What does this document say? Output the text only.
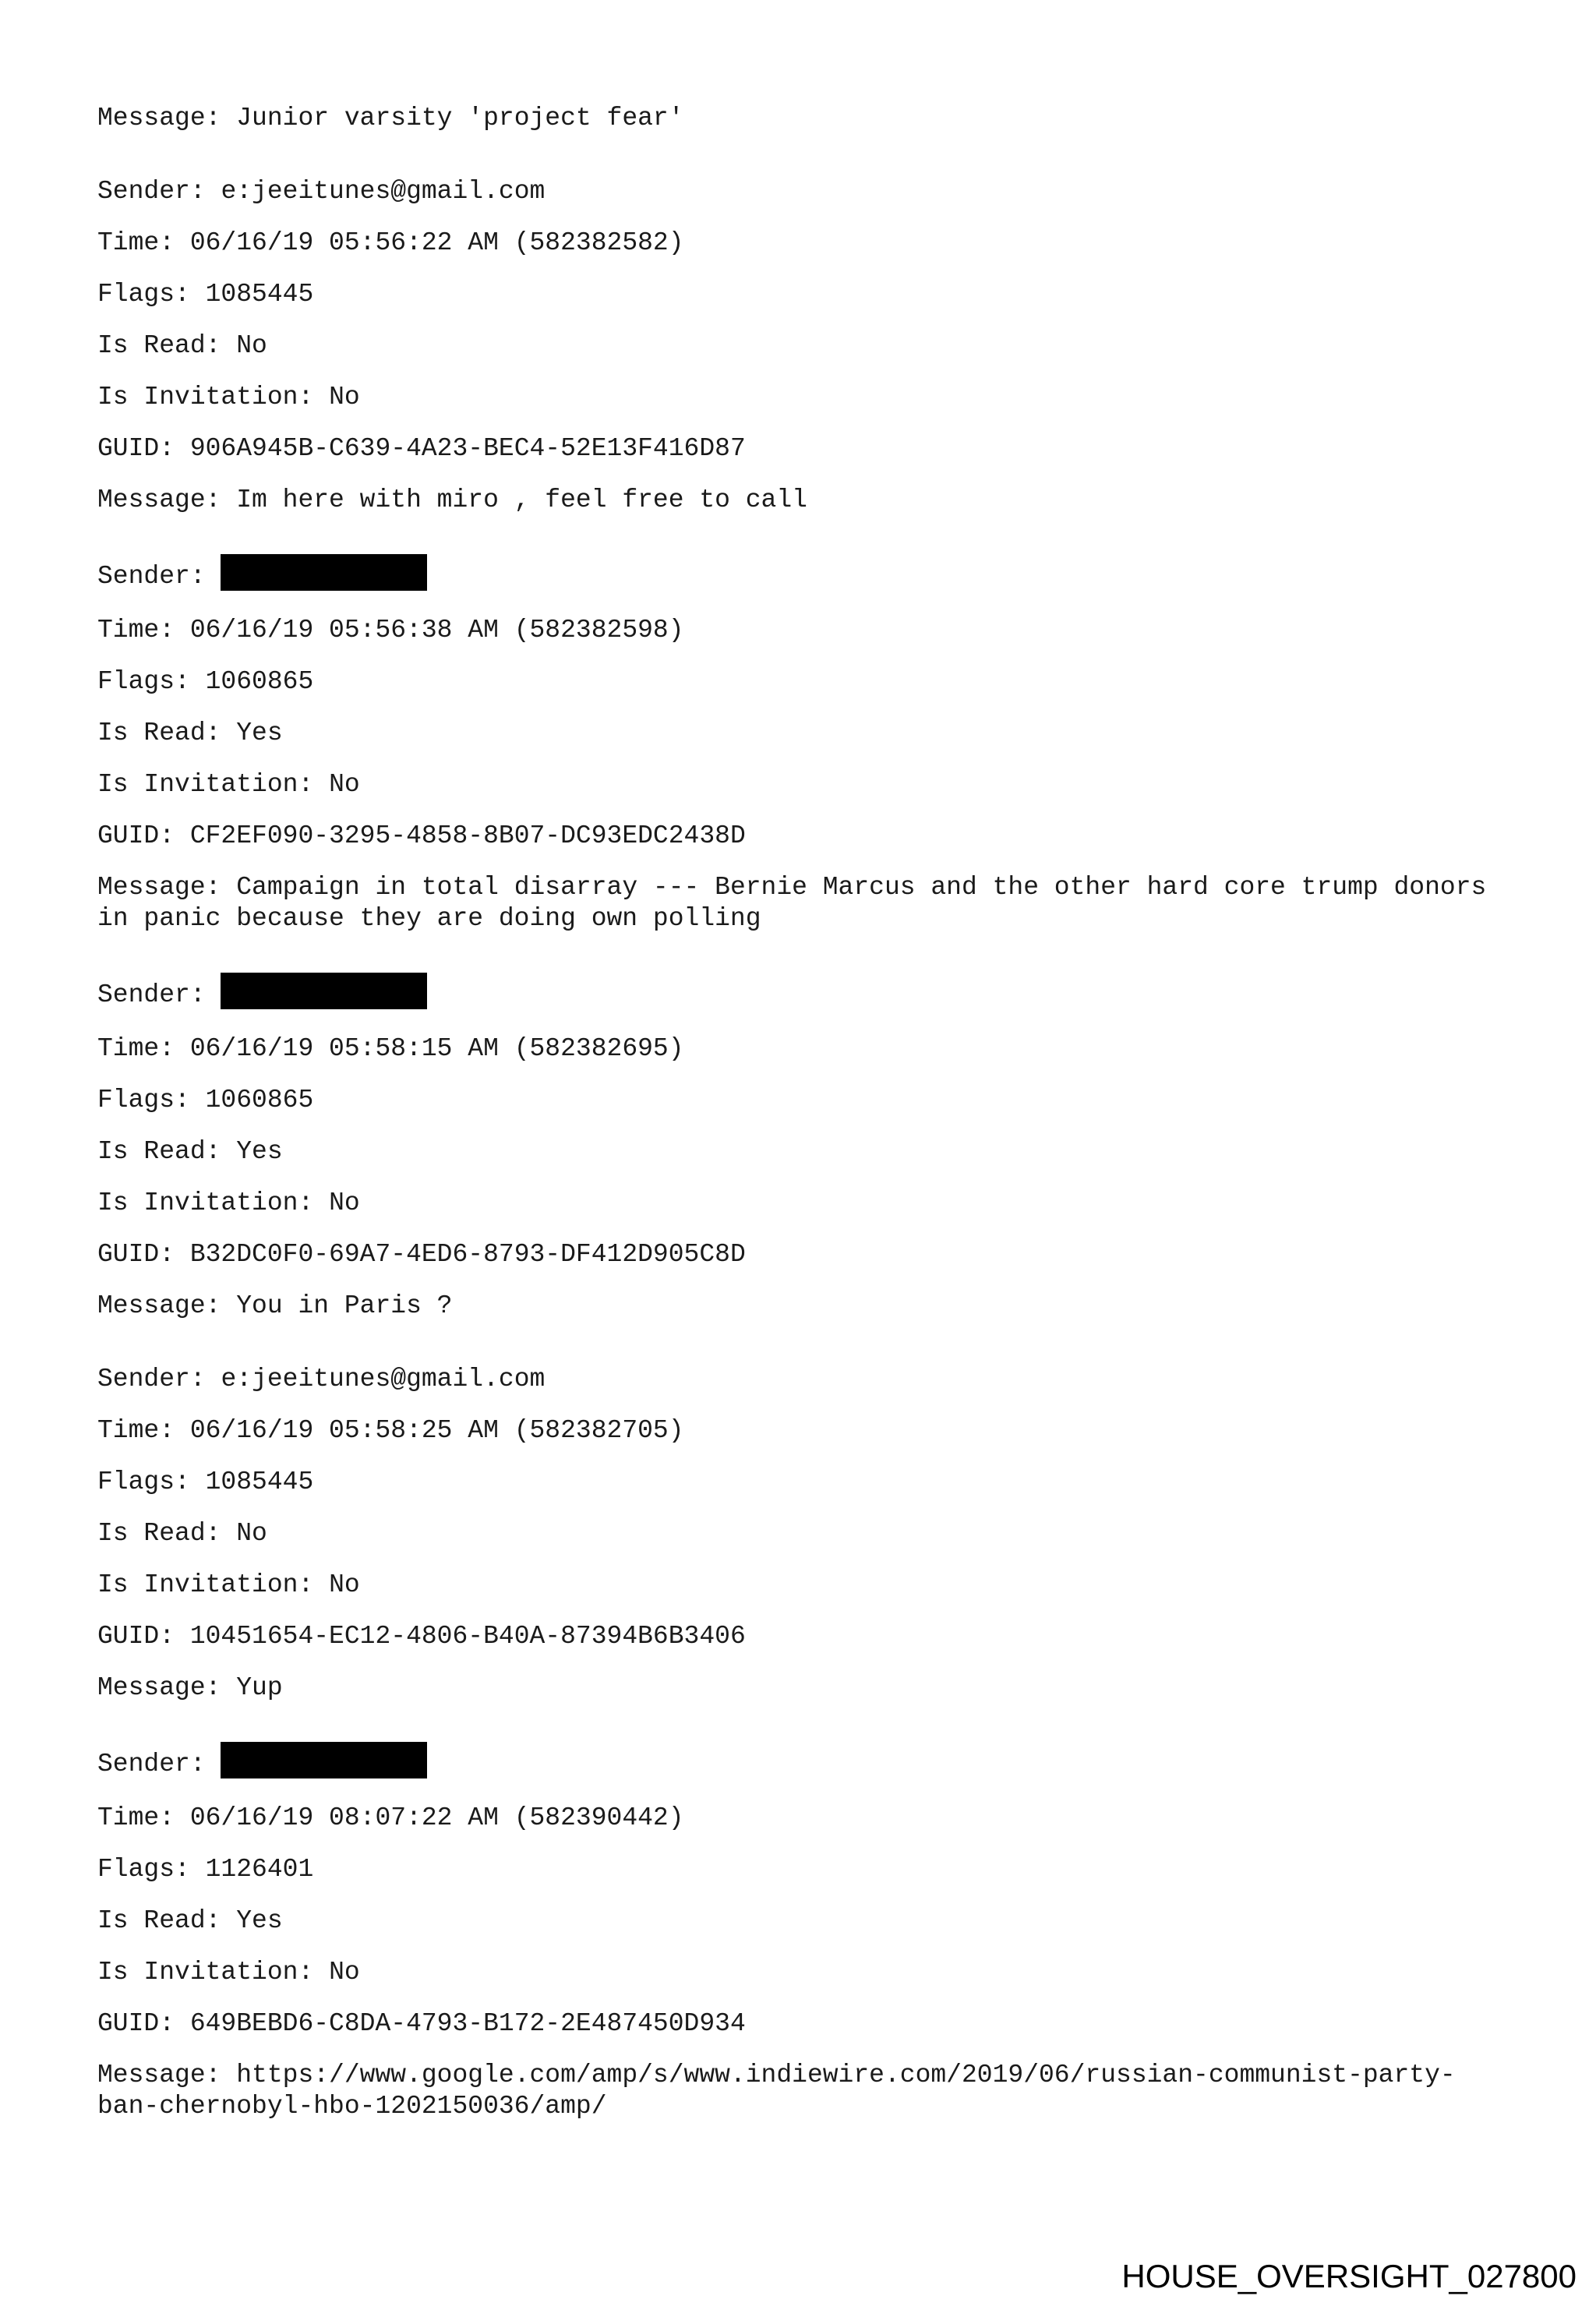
Message: Junior varsity 'project fear'
Sender: e:jeeitunes@gmail.com
Time: 06/16/19 05:56:22 AM (582382582)
Flags: 1085445
Is Read: No
Is Invitation: No
GUID: 906A945B-C639-4A23-BEC4-52E13F416D87
Message: Im here with miro , feel free to call
Sender:
Time: 06/16/19 05:56:38 AM (582382598)
Flags: 1060865
Is Read: Yes
Is Invitation: No
GUID: CF2EF090-3295-4858-8B07-DC93EDC2438D
Message: Campaign in total disarray --- Bernie Marcus and the other hard core trump donors in panic because they are doing own polling
Sender:
Time: 06/16/19 05:58:15 AM (582382695)
Flags: 1060865
Is Read: Yes
Is Invitation: No
GUID: B32DC0F0-69A7-4ED6-8793-DF412D905C8D
Message: You in Paris ?
Sender: e:jeeitunes@gmail.com
Time: 06/16/19 05:58:25 AM (582382705)
Flags: 1085445
Is Read: No
Is Invitation: No
GUID: 10451654-EC12-4806-B40A-87394B6B3406
Message: Yup
Sender:
Time: 06/16/19 08:07:22 AM (582390442)
Flags: 1126401
Is Read: Yes
Is Invitation: No
GUID: 649BEBD6-C8DA-4793-B172-2E487450D934
Message: https://www.google.com/amp/s/www.indiewire.com/2019/06/russian-communist-party-ban-chernobyl-hbo-1202150036/amp/
HOUSE_OVERSIGHT_027800
